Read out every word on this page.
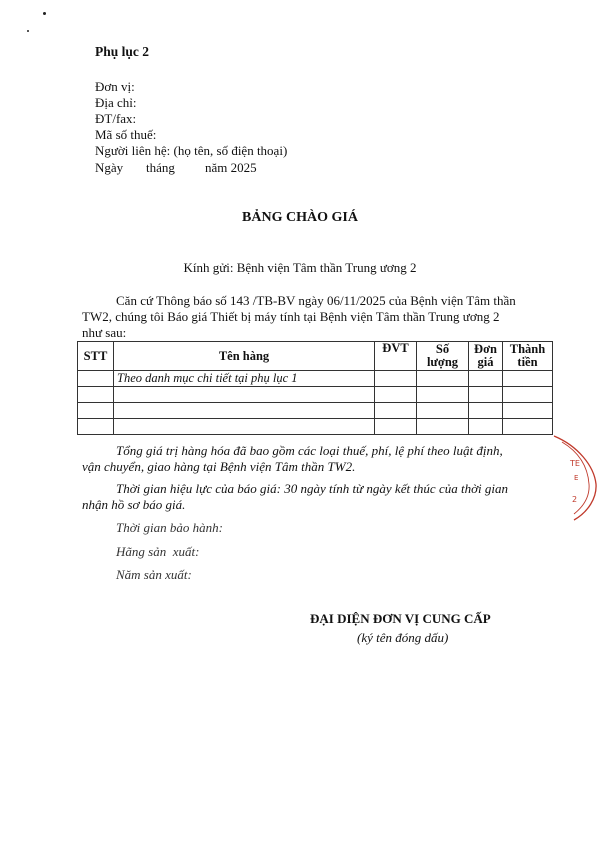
Phụ lục 2
Đơn vị:
Địa chỉ:
ĐT/fax:
Mã số thuế:
Người liên hệ: (họ tên, số điện thoại)
Ngày tháng năm 2025
BẢNG CHÀO GIÁ
Kính gửi: Bệnh viện Tâm thần Trung ương 2
Căn cứ Thông báo số 143 /TB-BV ngày 06/11/2025 của Bệnh viện Tâm thần
TW2, chúng tôi Báo giá Thiết bị máy tính tại Bệnh viện Tâm thần Trung ương 2
như sau:
STT	Tên hàng	ĐVT	Số lượng	Đơn giá	Thành tiền
	Theo danh mục chi tiết tại phụ lục 1				

Tổng giá trị hàng hóa đã bao gồm các loại thuế, phí, lệ phí theo luật định,
vận chuyển, giao hàng tại Bệnh viện Tâm thần TW2.
Thời gian hiệu lực của báo giá: 30 ngày tính từ ngày kết thúc của thời gian
nhận hồ sơ báo giá.
Thời gian bảo hành:
Hãng sản  xuất:
Năm sản xuất:
ĐẠI DIỆN ĐƠN VỊ CUNG CẤP
(ký tên đóng dấu)
TE
E
2
